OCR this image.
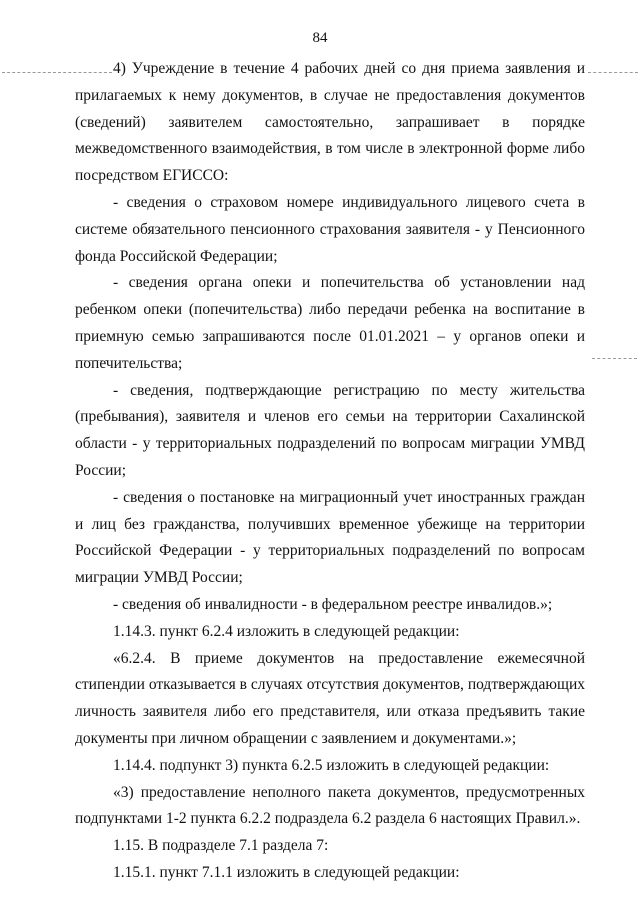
84

4) Учреждение в течение 4 рабочих дней со дня приема заявления и прилагаемых к нему документов, в случае не предоставления документов (сведений) заявителем самостоятельно, запрашивает в порядке межведомственного взаимодействия, в том числе в электронной форме либо посредством ЕГИССО:

- сведения о страховом номере индивидуального лицевого счета в системе обязательного пенсионного страхования заявителя - у Пенсионного фонда Российской Федерации;

- сведения органа опеки и попечительства об установлении над ребенком опеки (попечительства) либо передачи ребенка на воспитание в приемную семью запрашиваются после 01.01.2021 – у органов опеки и попечительства;

- сведения, подтверждающие регистрацию по месту жительства (пребывания), заявителя и членов его семьи на территории Сахалинской области - у территориальных подразделений по вопросам миграции УМВД России;

- сведения о постановке на миграционный учет иностранных граждан и лиц без гражданства, получивших временное убежище на территории Российской Федерации - у территориальных подразделений по вопросам миграции УМВД России;

- сведения об инвалидности - в федеральном реестре инвалидов.»;

1.14.3. пункт 6.2.4 изложить в следующей редакции:

«6.2.4. В приеме документов на предоставление ежемесячной стипендии отказывается в случаях отсутствия документов, подтверждающих личность заявителя либо его представителя, или отказа предъявить такие документы при личном обращении с заявлением и документами.»;

1.14.4. подпункт 3) пункта 6.2.5 изложить в следующей редакции:

«3) предоставление неполного пакета документов, предусмотренных подпунктами 1-2 пункта 6.2.2 подраздела 6.2 раздела 6 настоящих Правил.».

1.15. В подразделе 7.1 раздела 7:

1.15.1. пункт 7.1.1 изложить в следующей редакции:
